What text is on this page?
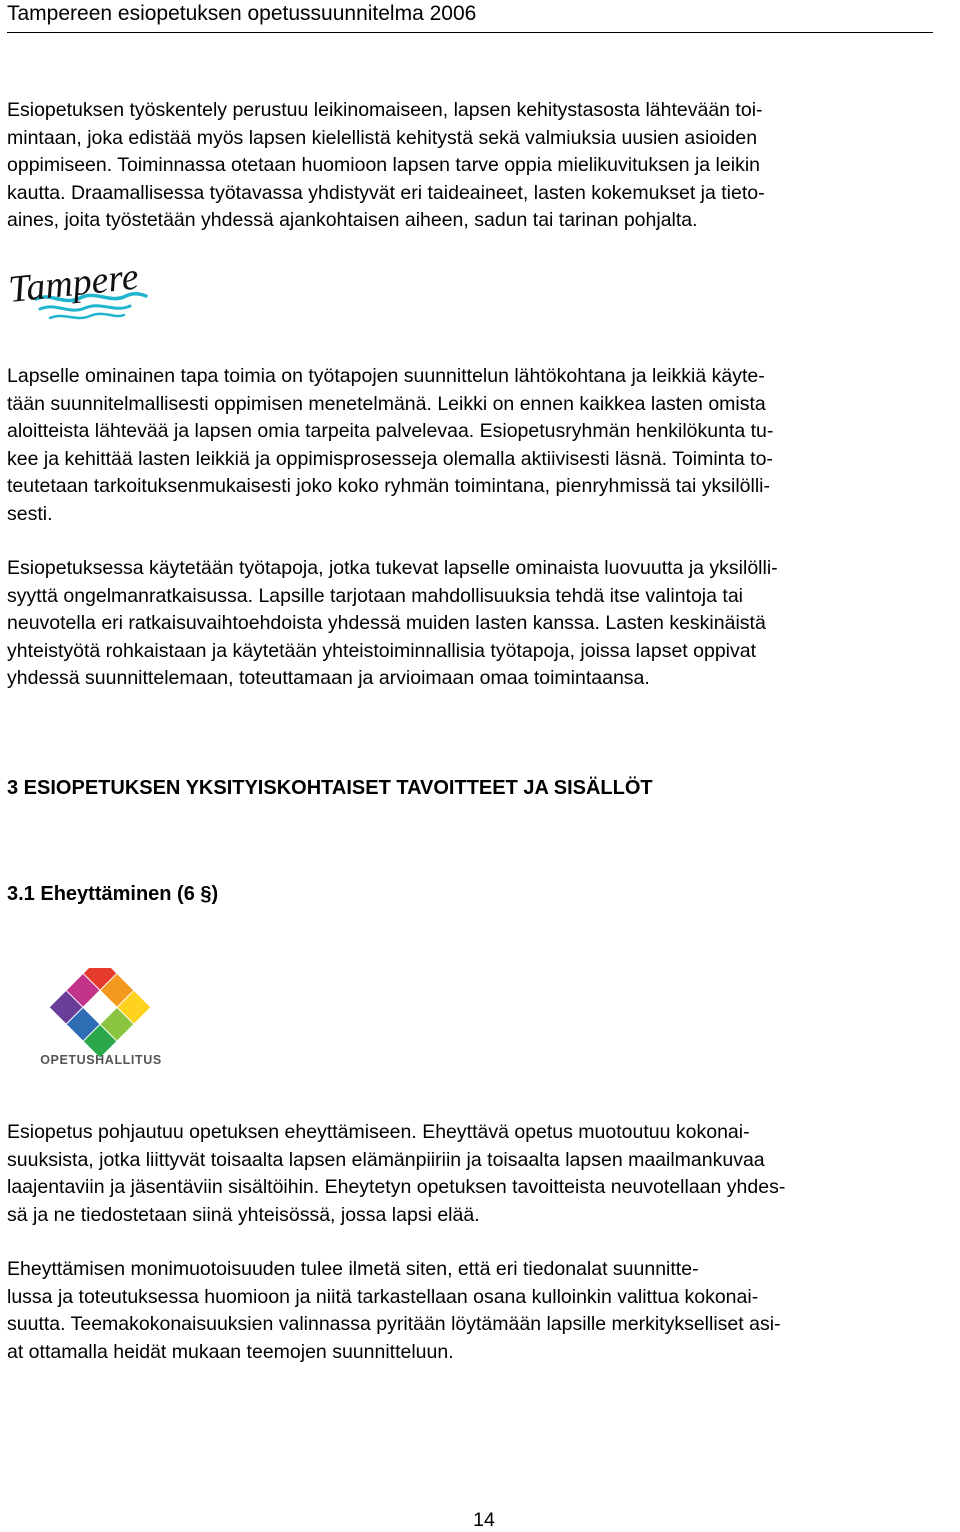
Tampereen esiopetuksen opetussuunnitelma 2006

Esiopetuksen työskentely perustuu leikinomaiseen, lapsen kehitystasosta lähtevään toi-
mintaan, joka edistää myös lapsen kielellistä kehitystä sekä valmiuksia uusien asioiden
oppimiseen. Toiminnassa otetaan huomioon lapsen tarve oppia mielikuvituksen ja leikin
kautta. Draamallisessa työtavassa yhdistyvät eri taideaineet, lasten kokemukset ja tieto-
aines, joita työstetään yhdessä ajankohtaisen aiheen, sadun tai tarinan pohjalta.

Tampere

Lapselle ominainen tapa toimia on työtapojen suunnittelun lähtökohtana ja leikkiä käyte-
tään suunnitelmallisesti oppimisen menetelmänä. Leikki on ennen kaikkea lasten omista
aloitteista lähtevää ja lapsen omia tarpeita palvelevaa. Esiopetusryhmän henkilökunta tu-
kee ja kehittää lasten leikkiä ja oppimisprosesseja olemalla aktiivisesti läsnä. Toiminta to-
teutetaan tarkoituksenmukaisesti joko koko ryhmän toimintana, pienryhmissä tai yksilölli-
sesti.

Esiopetuksessa käytetään työtapoja, jotka tukevat lapselle ominaista luovuutta ja yksilölli-
syyttä ongelmanratkaisussa. Lapsille tarjotaan mahdollisuuksia tehdä itse valintoja tai
neuvotella eri ratkaisuvaihtoehdoista yhdessä muiden lasten kanssa. Lasten keskinäistä
yhteistyötä rohkaistaan ja käytetään yhteistoiminnallisia työtapoja, joissa lapset oppivat
yhdessä suunnittelemaan, toteuttamaan ja arvioimaan omaa toimintaansa.

3 ESIOPETUKSEN YKSITYISKOHTAISET TAVOITTEET JA SISÄLLÖT
3.1 Eheyttäminen (6 §)
OPETUSHALLITUS

Esiopetus pohjautuu opetuksen eheyttämiseen. Eheyttävä opetus muotoutuu kokonai-
suuksista, jotka liittyvät toisaalta lapsen elämänpiiriin ja toisaalta lapsen maailmankuvaa
laajentaviin ja jäsentäviin sisältöihin. Eheytetyn opetuksen tavoitteista neuvotellaan yhdes-
sä ja ne tiedostetaan siinä yhteisössä, jossa lapsi elää.

Eheyttämisen monimuotoisuuden tulee ilmetä siten, että eri tiedonalat suunnitte-
lussa ja toteutuksessa huomioon ja niitä tarkastellaan osana kulloinkin valittua kokonai-
suutta. Teemakokonaisuuksien valinnassa pyritään löytämään lapsille merkitykselliset asi-
at ottamalla heidät mukaan teemojen suunnitteluun.

14
